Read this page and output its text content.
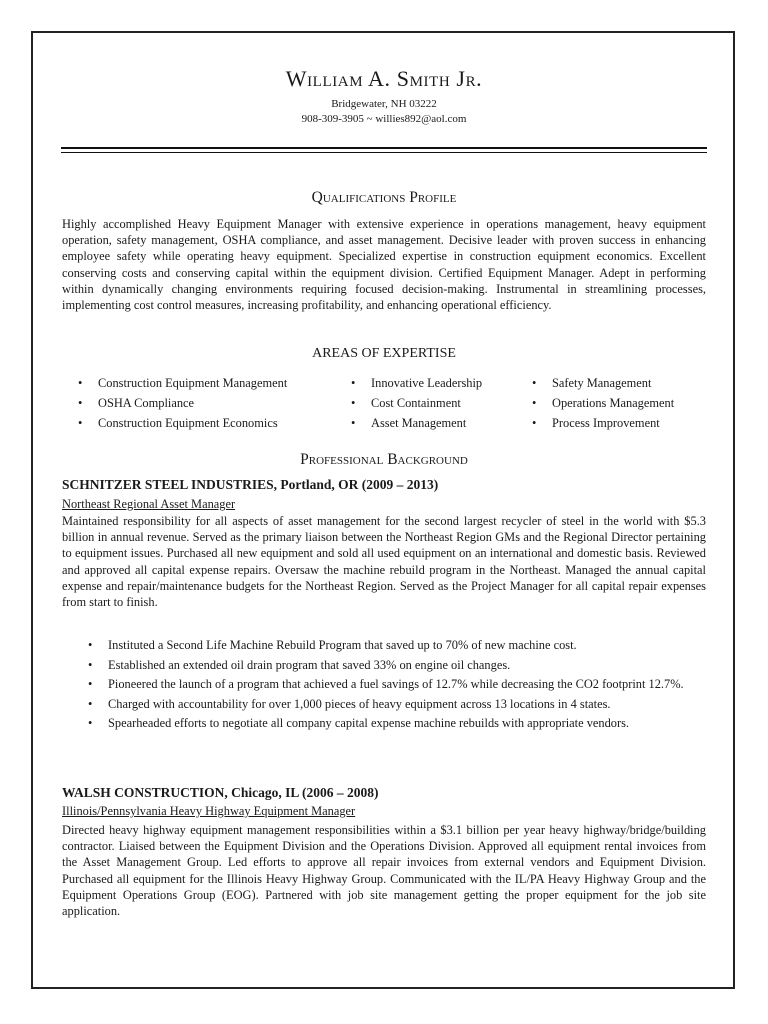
William A. Smith Jr.
Bridgewater, NH 03222
908-309-3905 ~ willies892@aol.com
Qualifications Profile
Highly accomplished Heavy Equipment Manager with extensive experience in operations management, heavy equipment operation, safety management, OSHA compliance, and asset management. Decisive leader with proven success in enhancing employee safety while operating heavy equipment. Specialized expertise in construction equipment economics. Excellent conserving costs and conserving capital within the equipment division. Certified Equipment Manager. Adept in performing within dynamically changing environments requiring focused decision-making. Instrumental in streamlining processes, implementing cost control measures, increasing profitability, and enhancing operational efficiency.
AREAS OF EXPERTISE
• Construction Equipment Management
• OSHA Compliance
• Construction Equipment Economics
• Innovative Leadership
• Cost Containment
• Asset Management
• Safety Management
• Operations Management
• Process Improvement
Professional Background
SCHNITZER STEEL INDUSTRIES, Portland, OR (2009 – 2013)
Northeast Regional Asset Manager
Maintained responsibility for all aspects of asset management for the second largest recycler of steel in the world with $5.3 billion in annual revenue. Served as the primary liaison between the Northeast Region GMs and the Regional Director pertaining to equipment issues. Purchased all new equipment and sold all used equipment on an international and domestic basis. Reviewed and approved all capital expense repairs. Oversaw the machine rebuild program in the Northeast. Managed the annual capital expense and repair/maintenance budgets for the Northeast Region. Served as the Project Manager for all capital repair expenses from start to finish.
• Instituted a Second Life Machine Rebuild Program that saved up to 70% of new machine cost.
• Established an extended oil drain program that saved 33% on engine oil changes.
• Pioneered the launch of a program that achieved a fuel savings of 12.7% while decreasing the CO2 footprint 12.7%.
• Charged with accountability for over 1,000 pieces of heavy equipment across 13 locations in 4 states.
• Spearheaded efforts to negotiate all company capital expense machine rebuilds with appropriate vendors.
WALSH CONSTRUCTION, Chicago, IL (2006 – 2008)
Illinois/Pennsylvania Heavy Highway Equipment Manager
Directed heavy highway equipment management responsibilities within a $3.1 billion per year heavy highway/bridge/building contractor. Liaised between the Equipment Division and the Operations Division. Approved all equipment rental invoices from the Asset Management Group. Led efforts to approve all repair invoices from external vendors and Equipment Division. Purchased all equipment for the Illinois Heavy Highway Group. Communicated with the IL/PA Heavy Highway Group and the Equipment Operations Group (EOG). Partnered with job site management getting the proper equipment for the job site application.
